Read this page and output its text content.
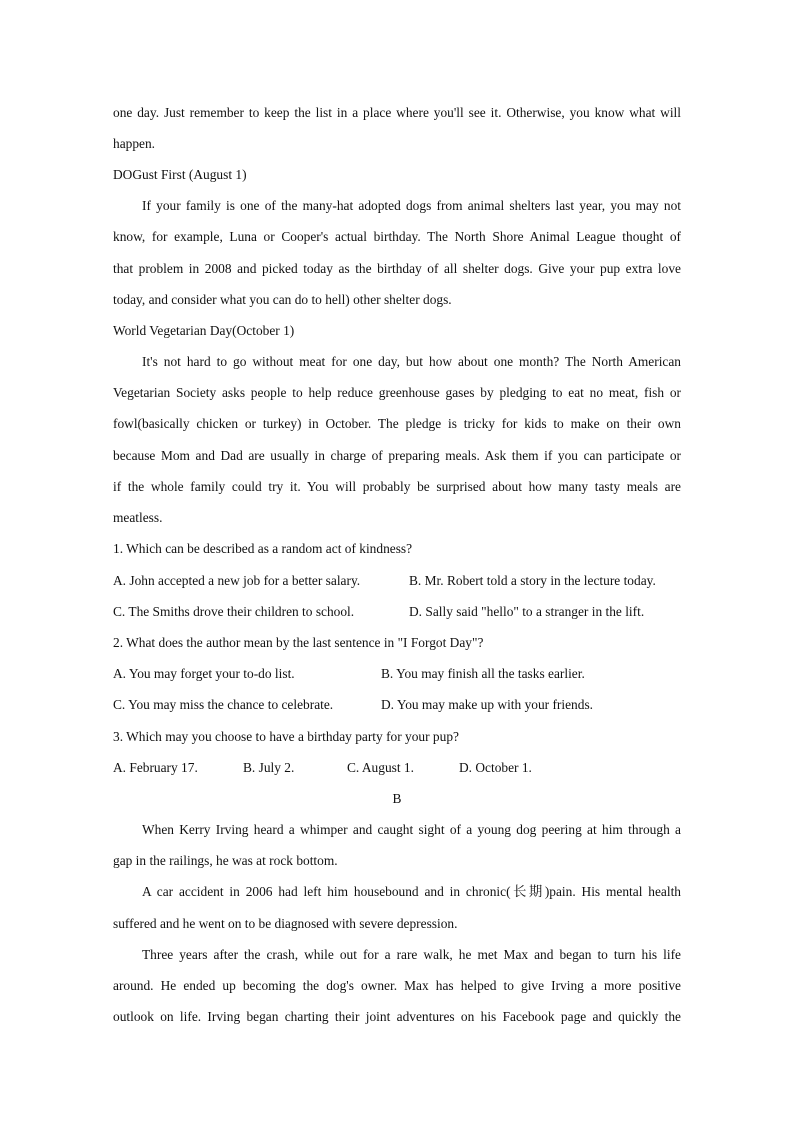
one day. Just remember to keep the list in a place where you'll see it. Otherwise, you know what will
happen.
DOGust First (August 1)
If your family is one of the many-hat adopted dogs from animal shelters last year, you may not
know, for example, Luna or Cooper's actual birthday. The North Shore Animal League thought of
that problem in 2008 and picked today as the birthday of all shelter dogs. Give your pup extra love
today, and consider what you can do to hell) other shelter dogs.
World Vegetarian Day(October 1)
It's not hard to go without meat for one day, but how about one month? The North American
Vegetarian Society asks people to help reduce greenhouse gases by pledging to eat no meat, fish or
fowl(basically chicken or turkey) in October. The pledge is tricky for kids to make on their own
because Mom and Dad are usually in charge of preparing meals. Ask them if you can participate or
if the whole family could try it. You will probably be surprised about how many tasty meals are
meatless.
1. Which can be described as a random act of kindness?
A. John accepted a new job for a better salary.	B. Mr. Robert told a story in the lecture today.
C. The Smiths drove their children to school.	D. Sally said "hello" to a stranger in the lift.
2. What does the author mean by the last sentence in "I Forgot Day"?
A. You may forget your to-do list.	B. You may finish all the tasks earlier.
C. You may miss the chance to celebrate.	D. You may make up with your friends.
3. Which may you choose to have a birthday party for your pup?
A. February 17.	B. July 2.	C. August 1.	D. October 1.
B
When Kerry Irving heard a whimper and caught sight of a young dog peering at him through a
gap in the railings, he was at rock bottom.
A car accident in 2006 had left him housebound and in chronic(长期)pain. His mental health
suffered and he went on to be diagnosed with severe depression.
Three years after the crash, while out for a rare walk, he met Max and began to turn his life
around. He ended up becoming the dog's owner. Max has helped to give Irving a more positive
outlook on life. Irving began charting their joint adventures on his Facebook page and quickly the
